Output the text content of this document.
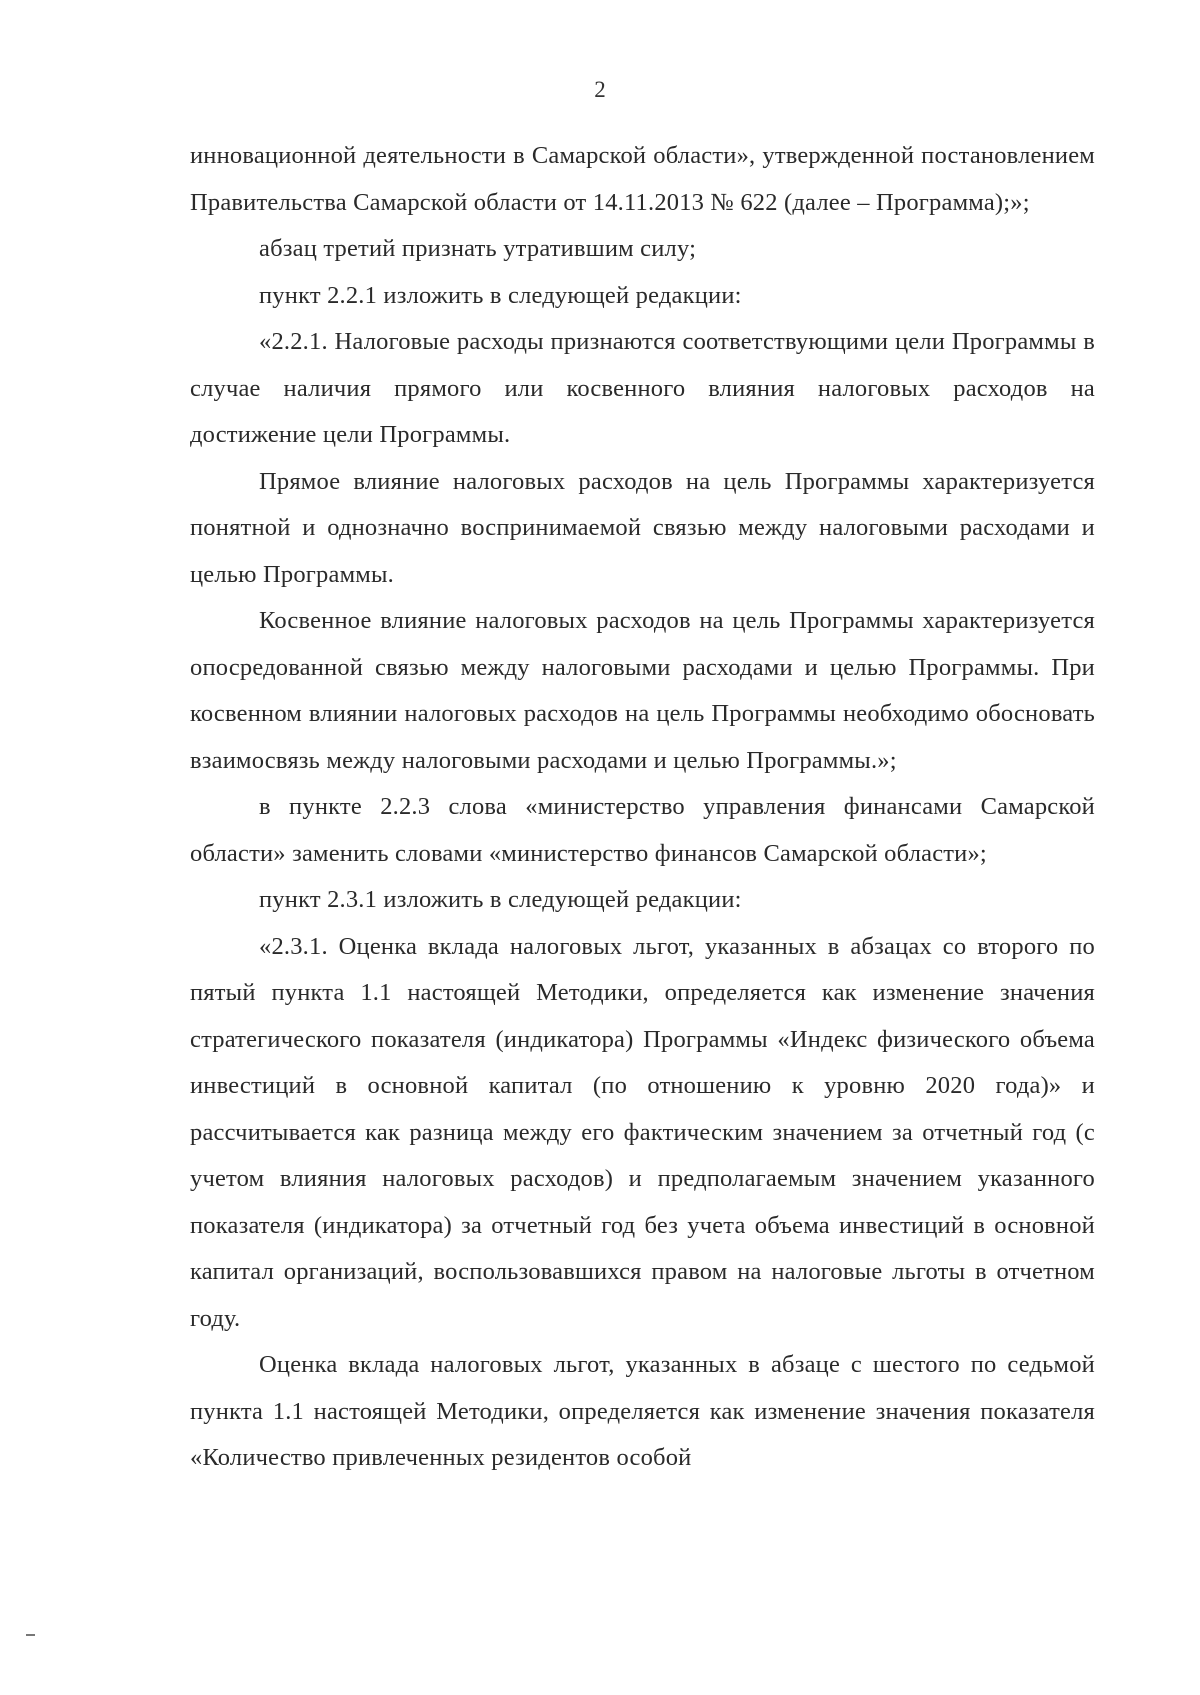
2

инновационной деятельности в Самарской области», утвержденной постановлением Правительства Самарской области от 14.11.2013 № 622 (далее – Программа);»;

абзац третий признать утратившим силу;

пункт 2.2.1 изложить в следующей редакции:

«2.2.1. Налоговые расходы признаются соответствующими цели Программы в случае наличия прямого или косвенного влияния налоговых расходов на достижение цели Программы.

Прямое влияние налоговых расходов на цель Программы характеризуется понятной и однозначно воспринимаемой связью между налоговыми расходами и целью Программы.

Косвенное влияние налоговых расходов на цель Программы характеризуется опосредованной связью между налоговыми расходами и целью Программы. При косвенном влиянии налоговых расходов на цель Программы необходимо обосновать взаимосвязь между налоговыми расходами и целью Программы.»;

в пункте 2.2.3 слова «министерство управления финансами Самарской области» заменить словами «министерство финансов Самарской области»;

пункт 2.3.1 изложить в следующей редакции:

«2.3.1. Оценка вклада налоговых льгот, указанных в абзацах со второго по пятый пункта 1.1 настоящей Методики, определяется как изменение значения стратегического показателя (индикатора) Программы «Индекс физического объема инвестиций в основной капитал (по отношению к уровню 2020 года)» и рассчитывается как разница между его фактическим значением за отчетный год (с учетом влияния налоговых расходов) и предполагаемым значением указанного показателя (индикатора) за отчетный год без учета объема инвестиций в основной капитал организаций, воспользовавшихся правом на налоговые льготы в отчетном году.

Оценка вклада налоговых льгот, указанных в абзаце с шестого по седьмой пункта 1.1 настоящей Методики, определяется как изменение значения показателя «Количество привлеченных резидентов особой
